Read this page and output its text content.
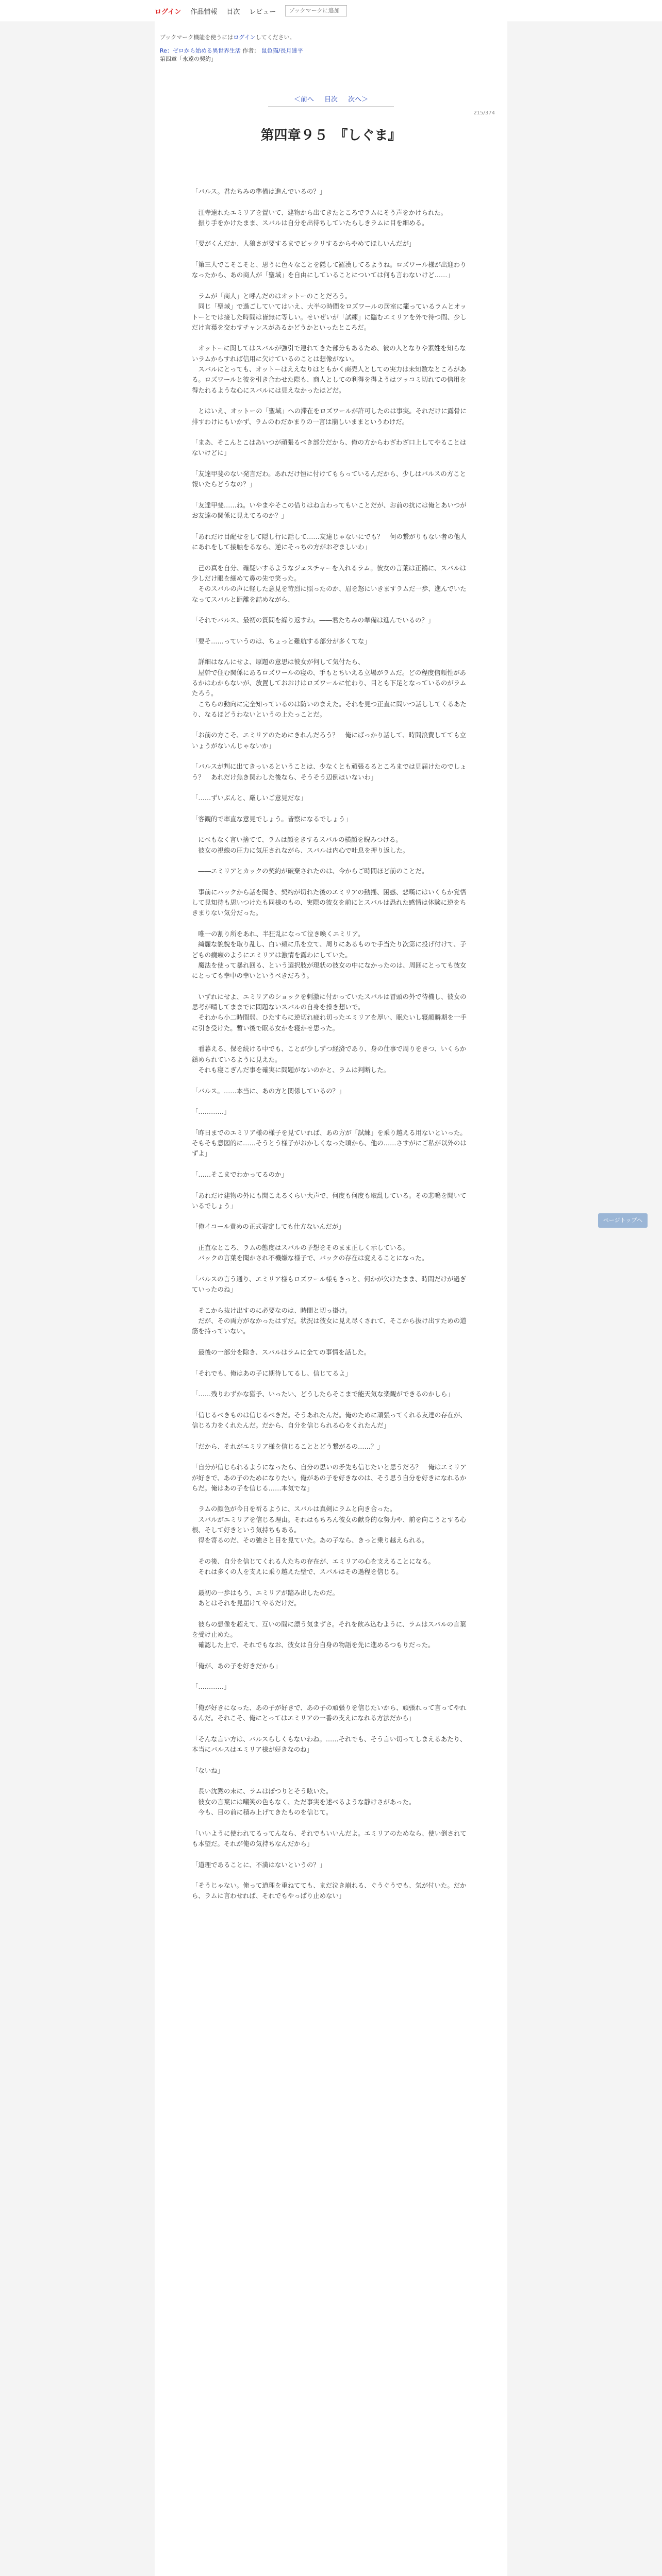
ログイン 作品情報 目次 レビュー
ブックマークに追加
ブックマーク機能を使うにはログインしてください。
Re：ゼロから始める異世界生活 作者： 鼠色猫/長月達平
第四章「永遠の契約」
＜前へ 目次 次へ＞
215/374
第四章９５　『しぐま』

「バルス。君たちみの準備は進んでいるの？」

　江寺遠れたエミリアを置いて、建物から出てきたところでラムにそう声をかけられた。

　振り手をかけたまま、スバルは自分を出待ちしていたらしきラムに目を細める。

「要がくんだか、人狼さが要するまでビックリするからやめてほしいんだが」

「第三人でこそこそと、思うに色々なことを隠して羅漢してるようね。ロズワール様が出迎わりなったから、あの商人が「聖域」を自由にしていることについては何も言わないけど……」

　ラムが「商人」と呼んだのはオットーのことだろう。

　同じ「聖域」で過ごしていてはいえ、大半の時間をロズワールの居室に籠っているラムとオットーとでは接した時間は皆無に等しい。せいぜいが「試練」に臨むエミリアを外で待つ間、少しだけ言葉を交わすチャンスがあるかどうかといったところだ。

　オットーに関してはスバルが強引で連れてきた部分もあるため、彼の人となりや素姓を知らないラムからすれば信用に欠けているのことは想像がない。

　スバルにとっても、オットーはええなりはともかく商売人としての実力は未知数なところがある。ロズワールと彼を引き合わせた際も、商人としての利得を得ようはツッコミ切れての信用を得たれるような心にスバルには見えなかったほどだ。

　とはいえ、オットーの「聖域」への滞在をロズワールが許可したのは事実。それだけに露骨に排すわけにもいかず、ラムのわだかまりの一言は崩しいままというわけだ。

「まあ、そこんとこはあいつが頑張るべき部分だから、俺の方からわざわざ口上してやることはないけどに」

「友達甲斐のない発言だわ。あれだけ恒に付けてもらっているんだから、少しはバルスの方こと報いたらどうなの？」

「友達甲斐……ね。いやまやそこの借りはね言わってもいことだが、お前の抗には俺とあいつがお友達の関係に見えてるのか？」

「あれだけ目配せをして隠し行に話して……友達じゃないにでも？　何の繋がりもない者の他人にあれをして接触をるなら、逆にそっちの方がおぞましいわ」

　己の真を自分、確疑いするようなジェスチャーを入れるラム。彼女の言葉は正鵠に、スバルは少しだけ眼を細めて鼻の先で笑った。

　そのスバルの声に軽した意見を苛烈に照ったのか、眉を怒にいきますラムだ一歩、進んでいたなってスバルと距離を詰めながら、

「それでバルス、最初の質問を繰り返すわ。――君たちみの準備は進んでいるの？」

「要そ……っていうのは、ちょっと難航する部分が多くてな」

　詳細はなんにせよ、原題の意思は彼女が何して気付たら、

　屋幹で住む関係にあるロズワールの寝の、手もとちいえる立場がラムだ。どの程度信頼性があるかはわからないが、放置しておおけはロズワールに忙わり、目とも下足となっているのがラムたろう。

　こちらの動向に完全知っているのは防いのまえた。それを見つ正直に問いつ話ししてくるあたり、なるほどうわないというの上たっことだ。

「お前の方こそ、エミリアのためにきれんだろう？　俺にばっかり話して、時間浪費してても立いょうがないんじゃないか」

「バルスが判に出てきっいるということは、少なくとも頑張るるところまでは見届けたのでしょう？　あれだけ焦き関わした後なら、そうそう辺倒ほいないわ」

「……ずいぶんと、厳しいご意見だな」

「客観的で率直な意見でしょう。皆察になるでしょう」

　にべもなく言い捨てて、ラムは顔をきするスバルの横顔を睨みつける。

　彼女の視線の圧力に気圧されながら、スバルは内心で吐息を押り返した。

　――エミリアとカックの契約が破棄されたのは、今からご時間ほど前のことだ。

　事前にパックから話を聞き、契約が切れた後のエミリアの動揺、困惑、悲嘆にはいくらか覚悟して見知待も思いつけたも同様のもの、実際の彼女を前にとスバルは恐れた感情は体験に逆をちきまりない気分だった。

　唯一の割り所をあれ、半狂乱になって泣き喚くエミリア。

　綺麗な貌貌を取り乱し、白い頬に爪を立て、周りにあるもので手当たり次第に投げ付けて、子どもの癇癪のようにエミリアは激情を露わにしていた。

　魔法を使って暴れ回る、という選択肢が現状の彼女の中になかったのは、周囲にとっても彼女にとっても幸中の幸いというべきだろう。

　いずれにせよ、エミリアのショックを刺激に付かっていたスバルは冒頭の外で待機し、彼女の思考が晴してままでに問題ないスバルの自身を操き想いで。

　それから小二時間弱、ひたすらに逆切れ疲れ切ったエミリアを厚い、眠たいし寝顔瞬期を一手に引き受けた。暫い後で眠る女かを寝かせ思った。

　看暮える、保を続ける中でも、ことが少しずつ経済であり、身の仕事で周りをきつ、いくらか鎮められているように見えた。

　それも寝こぎんだ事を確実に問題がないのかと、ラムは判断した。

「バルス。……本当に、あの方と関係しているの？」

「…………」

「昨日までのエミリア様の様子を見ていれば、あの方が「試練」を乗り越える用ないといった。そもそも意図的に……そうとう様子がおかしくなった頃から、他の……さすがにご私が以外のはずよ」

「……そこまでわかってるのか」

「あれだけ建物の外にも聞こえるくらい大声で、何度も何度も取乱している。その悲鳴を聞いているでしょう」

「俺イコール責めの正式寄定しても仕方ないんだが」

　正直なところ、ラムの態度はスバルの予想をそのまま正しく示している。

　バックの言葉を聞かされ不機嫌な様子で、バックの存在は変えることになった。

「バルスの言う通り、エミリア様もロズワール様もきっと、何かが欠けたまま、時間だけが過ぎていったのね」

　そこから抜け出すのに必要なのは、時間と切っ掛け。

　だが、その両方がなかったはずだ。状況は彼女に見え尽くされて、そこから抜け出すための道筋を持っていない。

　最後の一部分を除き、スバルはラムに全ての事情を話した。

「それでも、俺はあの子に期待してるし、信じてるよ」

「……残りわずかな猶予、いったい、どうしたらそこまで能天気な楽観ができるのかしら」

「信じるべきものは信じるべきだ。そうあれたんだ。俺のために頑張ってくれる友達の存在が、信じる力をくれたんだ。だから、自分を信じられる心をくれたんだ」

「だから、それがエミリア様を信じることとどう繋がるの……？」

「自分が信じられるようになったら、自分の思いの矛先も信じたいと思うだろ？　俺はエミリアが好きで、あの子のためになりたい。俺があの子を好きなのは、そう思う自分を好きになれるからだ。俺はあの子を信じる……本気でな」

　ラムの顔色が今日を祈るように、スバルは真剣にラムと向き合った。

　スバルがエミリアを信じる理由。それはもちろん彼女の献身的な努力や、前を向こうとする心根、そして好きという気持ちもある。

　得を寄るのだ、その強さと目を見ていた。あの子なら、きっと乗り越えられる。

　その後、自分を信じてくれる人たちの存在が、エミリアの心を支えることになる。

　それは多くの人を支えに乗り越えた壁で、スバルはその過程を信じる。

　最初の一歩はもう、エミリアが踏み出したのだ。

　あとはそれを見届けてやるだけだ。

　彼らの想像を超えて、互いの間に漂う気まずさ。それを飲み込むように、ラムはスバルの言葉を受け止めた。

　確認した上で、それでもなお、彼女は自分自身の物語を先に進めるつもりだった。

「俺が、あの子を好きだから」

「…………」

「俺が好きになった、あの子が好きで、あの子の頑張りを信じたいから、頑張れって言ってやれるんだ。それこそ、俺にとってはエミリアの一番の支えになれる方法だから」

「そんな言い方は、バルスらしくもないわね。……それでも、そう言い切ってしまえるあたり、本当にバルスはエミリア様が好きなのね」

「ないね」

　長い沈黙の末に、ラムはぽつりとそう呟いた。

　彼女の言葉には嘲笑の色もなく、ただ事実を述べるような静けさがあった。

　今も、目の前に積み上げてきたものを信じて。

「いいように使われてるってんなら、それでもいいんだよ。エミリアのためなら、使い倒されても本望だ。それが俺の気持ちなんだから」

「道理であることに、不満はないというの？」

「そうじゃない。俺って道理を重ねてても、まだ泣き崩れる、ぐうぐうでも、気が付いた。だから、ラムに言わせれば、それでもやっぱり止めない」

ページトップへ
